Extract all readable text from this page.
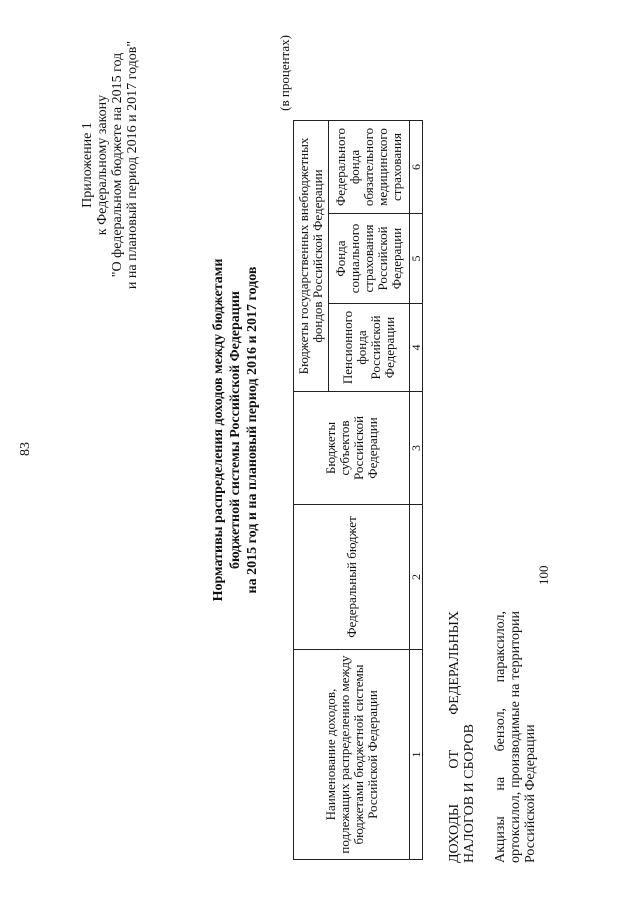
83
Приложение 1 к Федеральному закону "О федеральном бюджете на 2015 год и на плановый период 2016 и 2017 годов"
Нормативы распределения доходов между бюджетами бюджетной системы Российской Федерации на 2015 год и на плановый период 2016 и 2017 годов
(в процентах)
Наименование доходов, подлежащих распределению между бюджетами бюджетной системы Российской Федерации	Федеральный бюджет	Бюджеты субъектов Российской Федерации	Бюджеты государственных внебюджетных фондов Российской Федерации		
			Пенсионного фонда Российской Федерации	Фонда социального страхования Российской Федерации	Федерального фонда обязательного медицинского страхования
1	2	3	4	5	6
ДОХОДЫ ОТ ФЕДЕРАЛЬНЫХ НАЛОГОВ И СБОРОВ Акцизы на бензол, параксилол, ортоксилол, производимые на территории Российской Федерации
100
